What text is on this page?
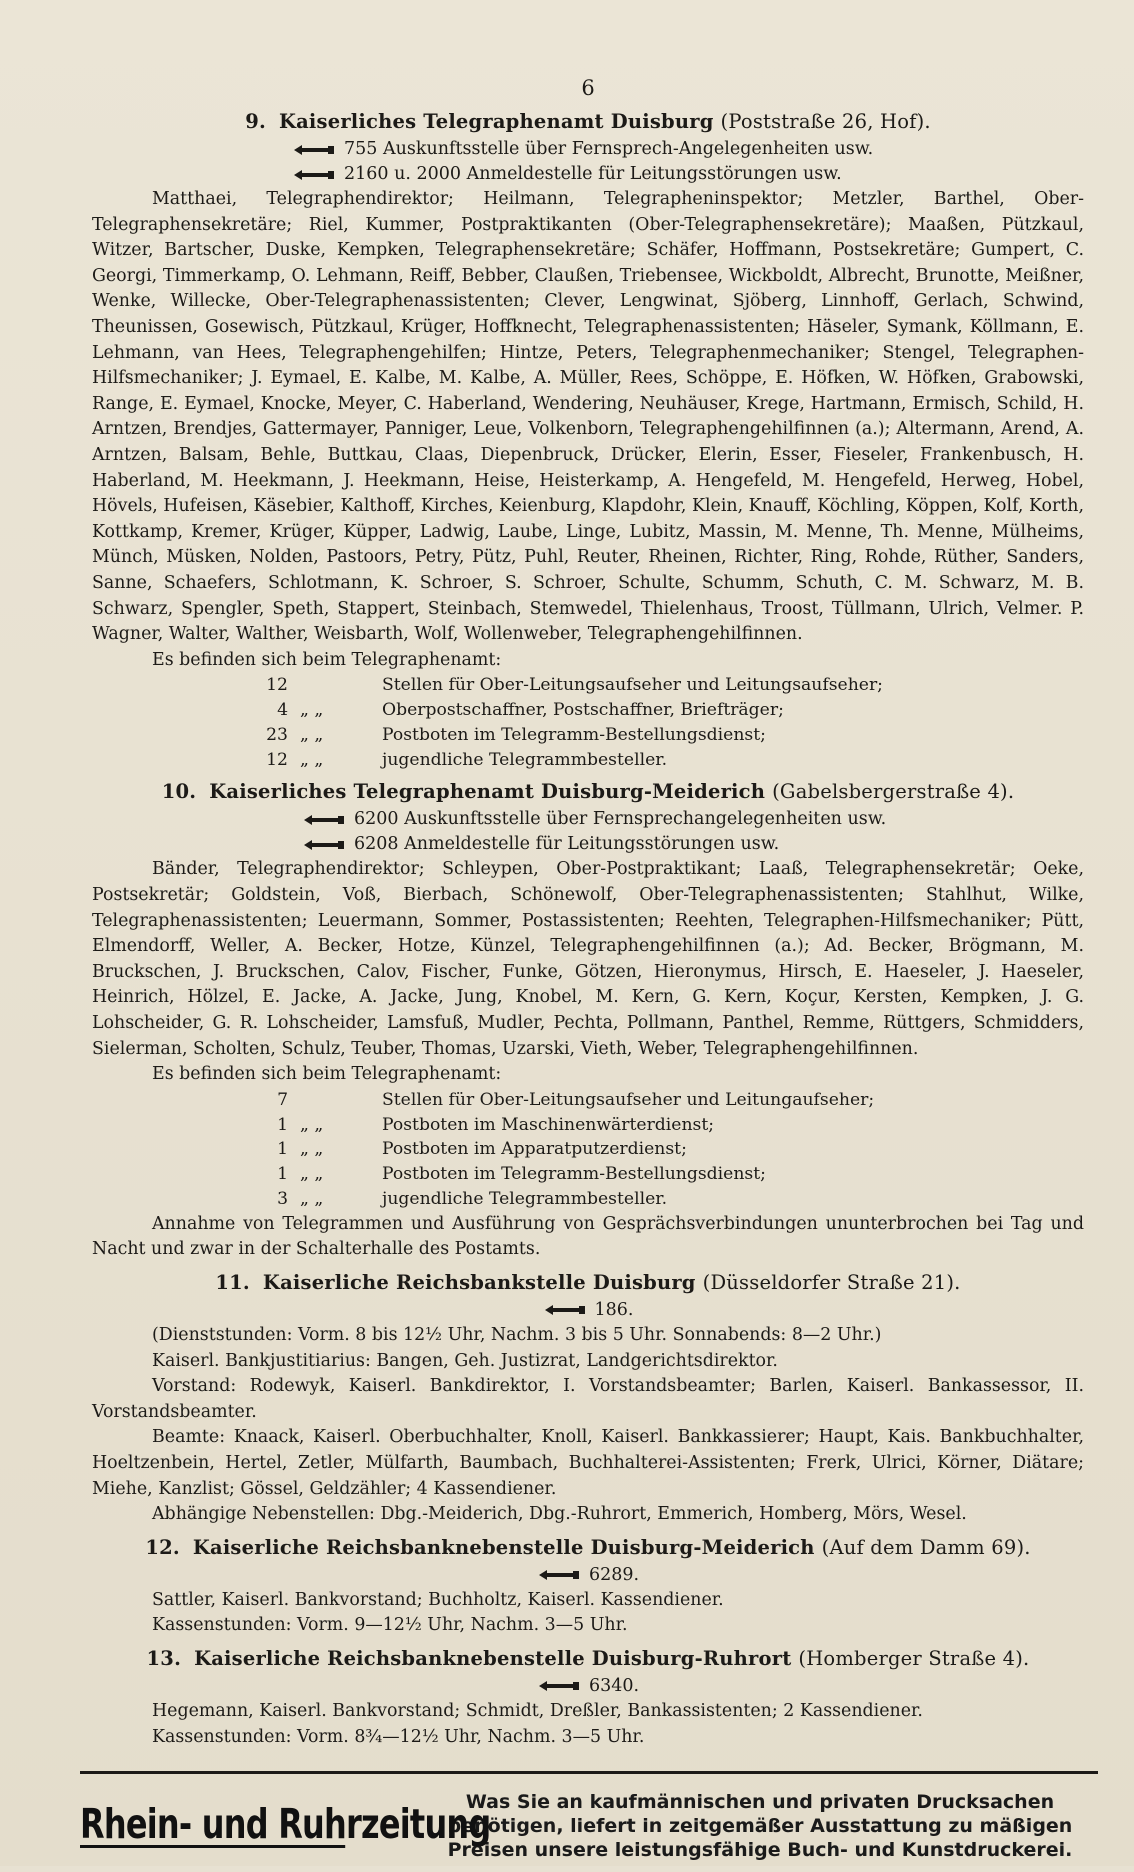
6
9. Kaiserliches Telegraphenamt Duisburg (Poststraße 26, Hof).

755 Auskunftsstelle über Fernsprech-Angelegenheiten usw.

2160 u. 2000 Anmeldestelle für Leitungsstörungen usw.

Matthaei, Telegraphendirektor; Heilmann, Telegrapheninspektor; Metzler, Barthel, Ober-Telegraphensekretäre; Riel, Kummer, Postpraktikanten (Ober-Telegraphensekretäre); Maaßen, Pützkaul, Witzer, Bartscher, Duske, Kempken, Telegraphensekretäre; Schäfer, Hoffmann, Postsekretäre; Gumpert, C. Georgi, Timmerkamp, O. Lehmann, Reiff, Bebber, Claußen, Triebensee, Wickboldt, Albrecht, Brunotte, Meißner, Wenke, Willecke, Ober-Telegraphenassistenten; Clever, Lengwinat, Sjöberg, Linnhoff, Gerlach, Schwind, Theunissen, Gosewisch, Pützkaul, Krüger, Hoffknecht, Telegraphenassistenten; Häseler, Symank, Köllmann, E. Lehmann, van Hees, Telegraphengehilfen; Hintze, Peters, Telegraphenmechaniker; Stengel, Telegraphen-Hilfsmechaniker; J. Eymael, E. Kalbe, M. Kalbe, A. Müller, Rees, Schöppe, E. Höfken, W. Höfken, Grabowski, Range, E. Eymael, Knocke, Meyer, C. Haberland, Wendering, Neuhäuser, Krege, Hartmann, Ermisch, Schild, H. Arntzen, Brendjes, Gattermayer, Panniger, Leue, Volkenborn, Telegraphengehilfinnen (a.); Altermann, Arend, A. Arntzen, Balsam, Behle, Buttkau, Claas, Diepenbruck, Drücker, Elerin, Esser, Fieseler, Frankenbusch, H. Haberland, M. Heekmann, J. Heekmann, Heise, Heisterkamp, A. Hengefeld, M. Hengefeld, Herweg, Hobel, Hövels, Hufeisen, Käsebier, Kalthoff, Kirches, Keienburg, Klapdohr, Klein, Knauff, Köchling, Köppen, Kolf, Korth, Kottkamp, Kremer, Krüger, Küpper, Ladwig, Laube, Linge, Lubitz, Massin, M. Menne, Th. Menne, Mülheims, Münch, Müsken, Nolden, Pastoors, Petry, Pütz, Puhl, Reuter, Rheinen, Richter, Ring, Rohde, Rüther, Sanders, Sanne, Schaefers, Schlotmann, K. Schroer, S. Schroer, Schulte, Schumm, Schuth, C. M. Schwarz, M. B. Schwarz, Spengler, Speth, Stappert, Steinbach, Stemwedel, Thielenhaus, Troost, Tüllmann, Ulrich, Velmer. P. Wagner, Walter, Walther, Weisbarth, Wolf, Wollenweber, Telegraphengehilfinnen.

Es befinden sich beim Telegraphenamt:

12		Stellen für Ober-Leitungsaufseher und Leitungsaufseher;
4	„ „	Oberpostschaffner, Postschaffner, Briefträger;
23	„ „	Postboten im Telegramm-Bestellungsdienst;
12	„ „	jugendliche Telegrammbesteller.
10. Kaiserliches Telegraphenamt Duisburg-Meiderich (Gabelsbergerstraße 4).

6200 Auskunftsstelle über Fernsprechangelegenheiten usw.

6208 Anmeldestelle für Leitungsstörungen usw.

Bänder, Telegraphendirektor; Schleypen, Ober-Postpraktikant; Laaß, Telegraphensekretär; Oeke, Postsekretär; Goldstein, Voß, Bierbach, Schönewolf, Ober-Telegraphenassistenten; Stahlhut, Wilke, Telegraphenassistenten; Leuermann, Sommer, Postassistenten; Reehten, Telegraphen-Hilfsmechaniker; Pütt, Elmendorff, Weller, A. Becker, Hotze, Künzel, Telegraphengehilfinnen (a.); Ad. Becker, Brögmann, M. Bruckschen, J. Bruckschen, Calov, Fischer, Funke, Götzen, Hieronymus, Hirsch, E. Haeseler, J. Haeseler, Heinrich, Hölzel, E. Jacke, A. Jacke, Jung, Knobel, M. Kern, G. Kern, Koçur, Kersten, Kempken, J. G. Lohscheider, G. R. Lohscheider, Lamsfuß, Mudler, Pechta, Pollmann, Panthel, Remme, Rüttgers, Schmidders, Sielerman, Scholten, Schulz, Teuber, Thomas, Uzarski, Vieth, Weber, Telegraphengehilfinnen.

Es befinden sich beim Telegraphenamt:

7		Stellen für Ober-Leitungsaufseher und Leitungaufseher;
1	„ „	Postboten im Maschinenwärterdienst;
1	„ „	Postboten im Apparatputzerdienst;
1	„ „	Postboten im Telegramm-Bestellungsdienst;
3	„ „	jugendliche Telegrammbesteller.

Annahme von Telegrammen und Ausführung von Gesprächsverbindungen ununterbrochen bei Tag und Nacht und zwar in der Schalterhalle des Postamts.

11. Kaiserliche Reichsbankstelle Duisburg (Düsseldorfer Straße 21).

186.

(Dienststunden: Vorm. 8 bis 12½ Uhr, Nachm. 3 bis 5 Uhr. Sonnabends: 8—2 Uhr.)

Kaiserl. Bankjustitiarius: Bangen, Geh. Justizrat, Landgerichtsdirektor.

Vorstand: Rodewyk, Kaiserl. Bankdirektor, I. Vorstandsbeamter; Barlen, Kaiserl. Bankassessor, II. Vorstandsbeamter.

Beamte: Knaack, Kaiserl. Oberbuchhalter, Knoll, Kaiserl. Bankkassierer; Haupt, Kais. Bankbuchhalter, Hoeltzenbein, Hertel, Zetler, Mülfarth, Baumbach, Buchhalterei-Assistenten; Frerk, Ulrici, Körner, Diätare; Miehe, Kanzlist; Gössel, Geldzähler; 4 Kassendiener.

Abhängige Nebenstellen: Dbg.-Meiderich, Dbg.-Ruhrort, Emmerich, Homberg, Mörs, Wesel.

12. Kaiserliche Reichsbanknebenstelle Duisburg-Meiderich (Auf dem Damm 69).

6289.

Sattler, Kaiserl. Bankvorstand; Buchholtz, Kaiserl. Kassendiener.

Kassenstunden: Vorm. 9—12½ Uhr, Nachm. 3—5 Uhr.

13. Kaiserliche Reichsbanknebenstelle Duisburg-Ruhrort (Homberger Straße 4).

6340.

Hegemann, Kaiserl. Bankvorstand; Schmidt, Dreßler, Bankassistenten; 2 Kassendiener.

Kassenstunden: Vorm. 8¾—12½ Uhr, Nachm. 3—5 Uhr.

Rhein- und Ruhrzeitung
Was Sie an kaufmännischen und privaten Drucksachen
benötigen, liefert in zeitgemäßer Ausstattung zu mäßigen
Preisen unsere leistungsfähige Buch- und Kunstdruckerei.
